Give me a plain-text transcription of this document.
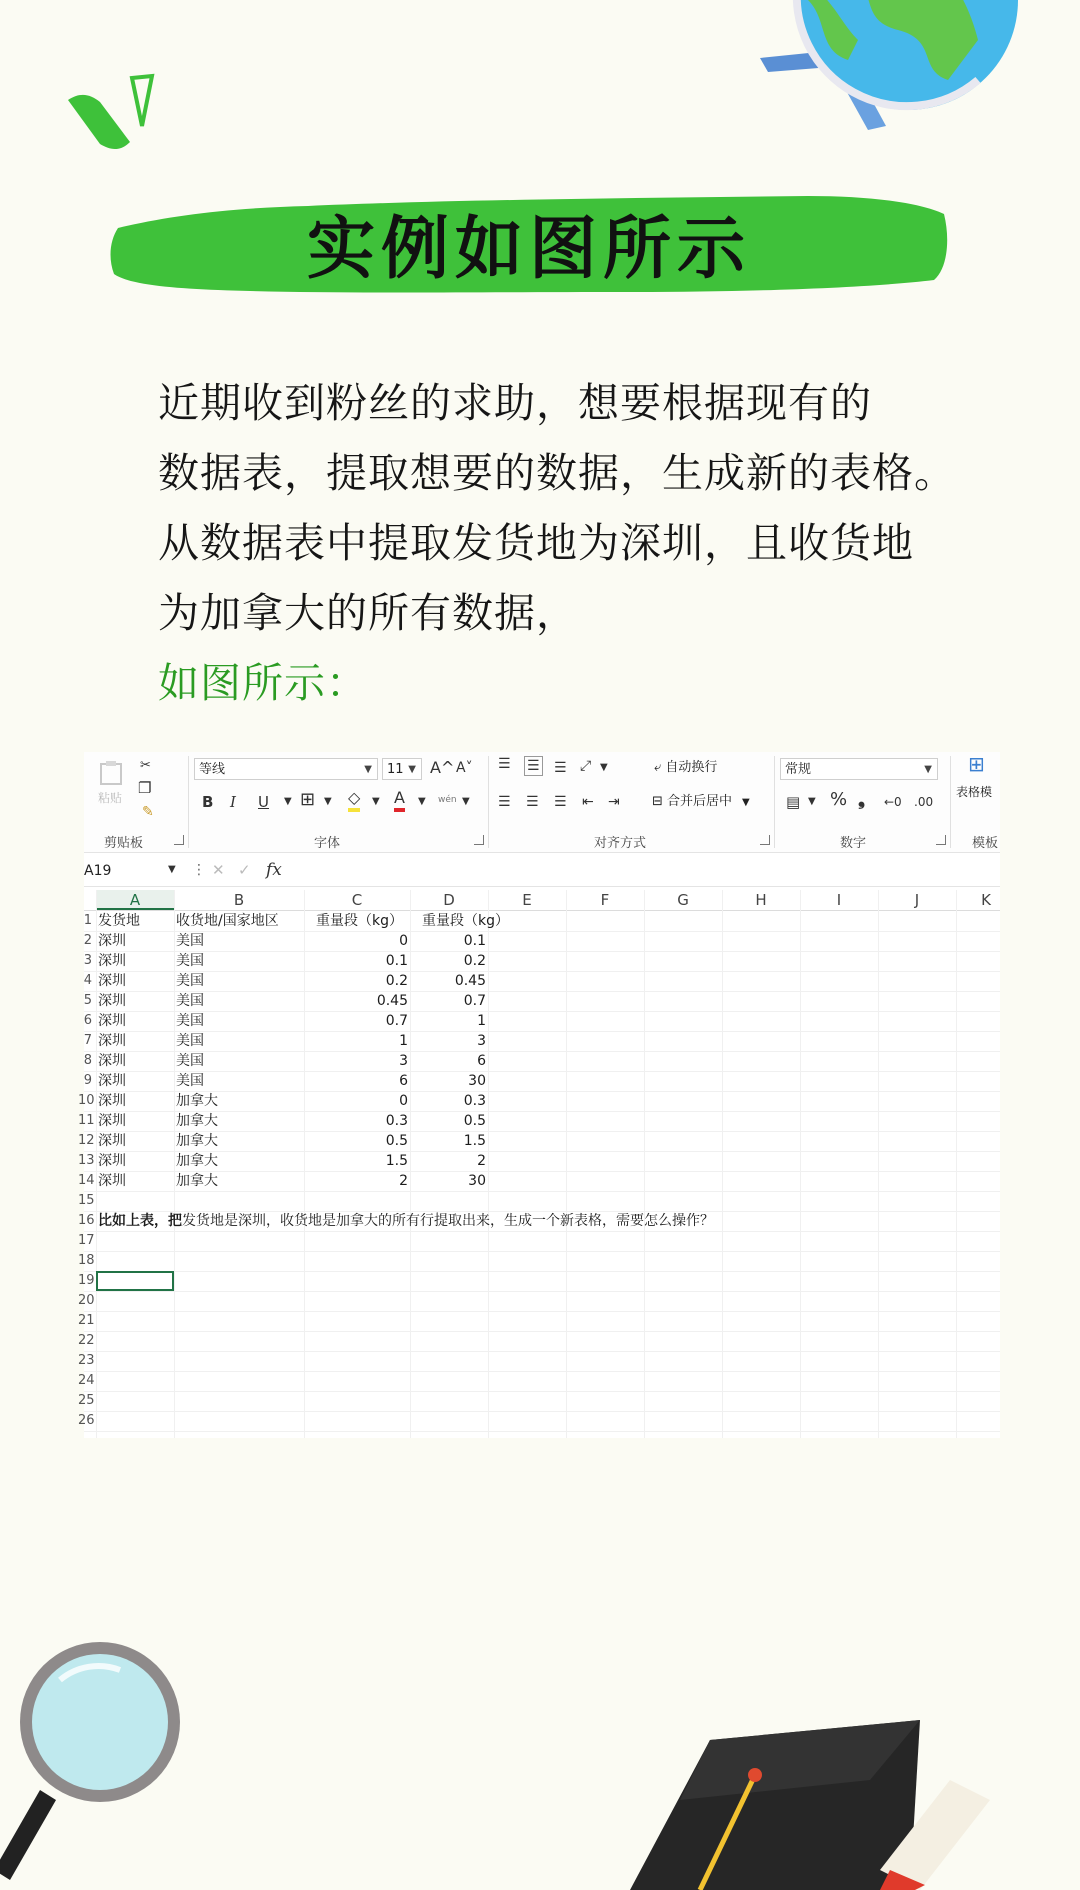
实例如图所示
近期收到粉丝的求助，想要根据现有的
数据表，提取想要的数据，生成新的表格。
从数据表中提取发货地为深圳，且收货地
为加拿大的所有数据，
如图所示：
粘贴
✂
❐
✎
剪贴板
等线	▼	11 ▼ A^ A˅
B I U ▼ ⊞ ▼ ◇ ▼ A ▼ wén ▼
字体
☰ ☰ ☰ ⤢ ▼
☰ ☰ ☰ ⇤ ⇥
⤶ 自动换行
⊟ 合并后居中 ▼
对齐方式
常规	▼
▤ ▼ % ❟ ←0 .00
数字
⊞
表格模
模板
A19	▼ ⋮ ✕ ✓ fx
A	B	C	D	E	F	G	H	I	J	K
1 发货地	收货地/国家地区	重量段（kg）	重量段（kg）
2 深圳	美国	0	0.1
3 深圳	美国	0.1	0.2
4 深圳	美国	0.2	0.45
5 深圳	美国	0.45	0.7
6 深圳	美国	0.7	1
7 深圳	美国	1	3
8 深圳	美国	3	6
9 深圳	美国	6	30
10 深圳	加拿大	0	0.3
11 深圳	加拿大	0.3	0.5
12 深圳	加拿大	0.5	1.5
13 深圳	加拿大	1.5	2
14 深圳	加拿大	2	30
15
16 比如上表，把发货地是深圳，收货地是加拿大的所有行提取出来，生成一个新表格，需要怎么操作？
17
18
19
20
21
22
23
24
25
26
